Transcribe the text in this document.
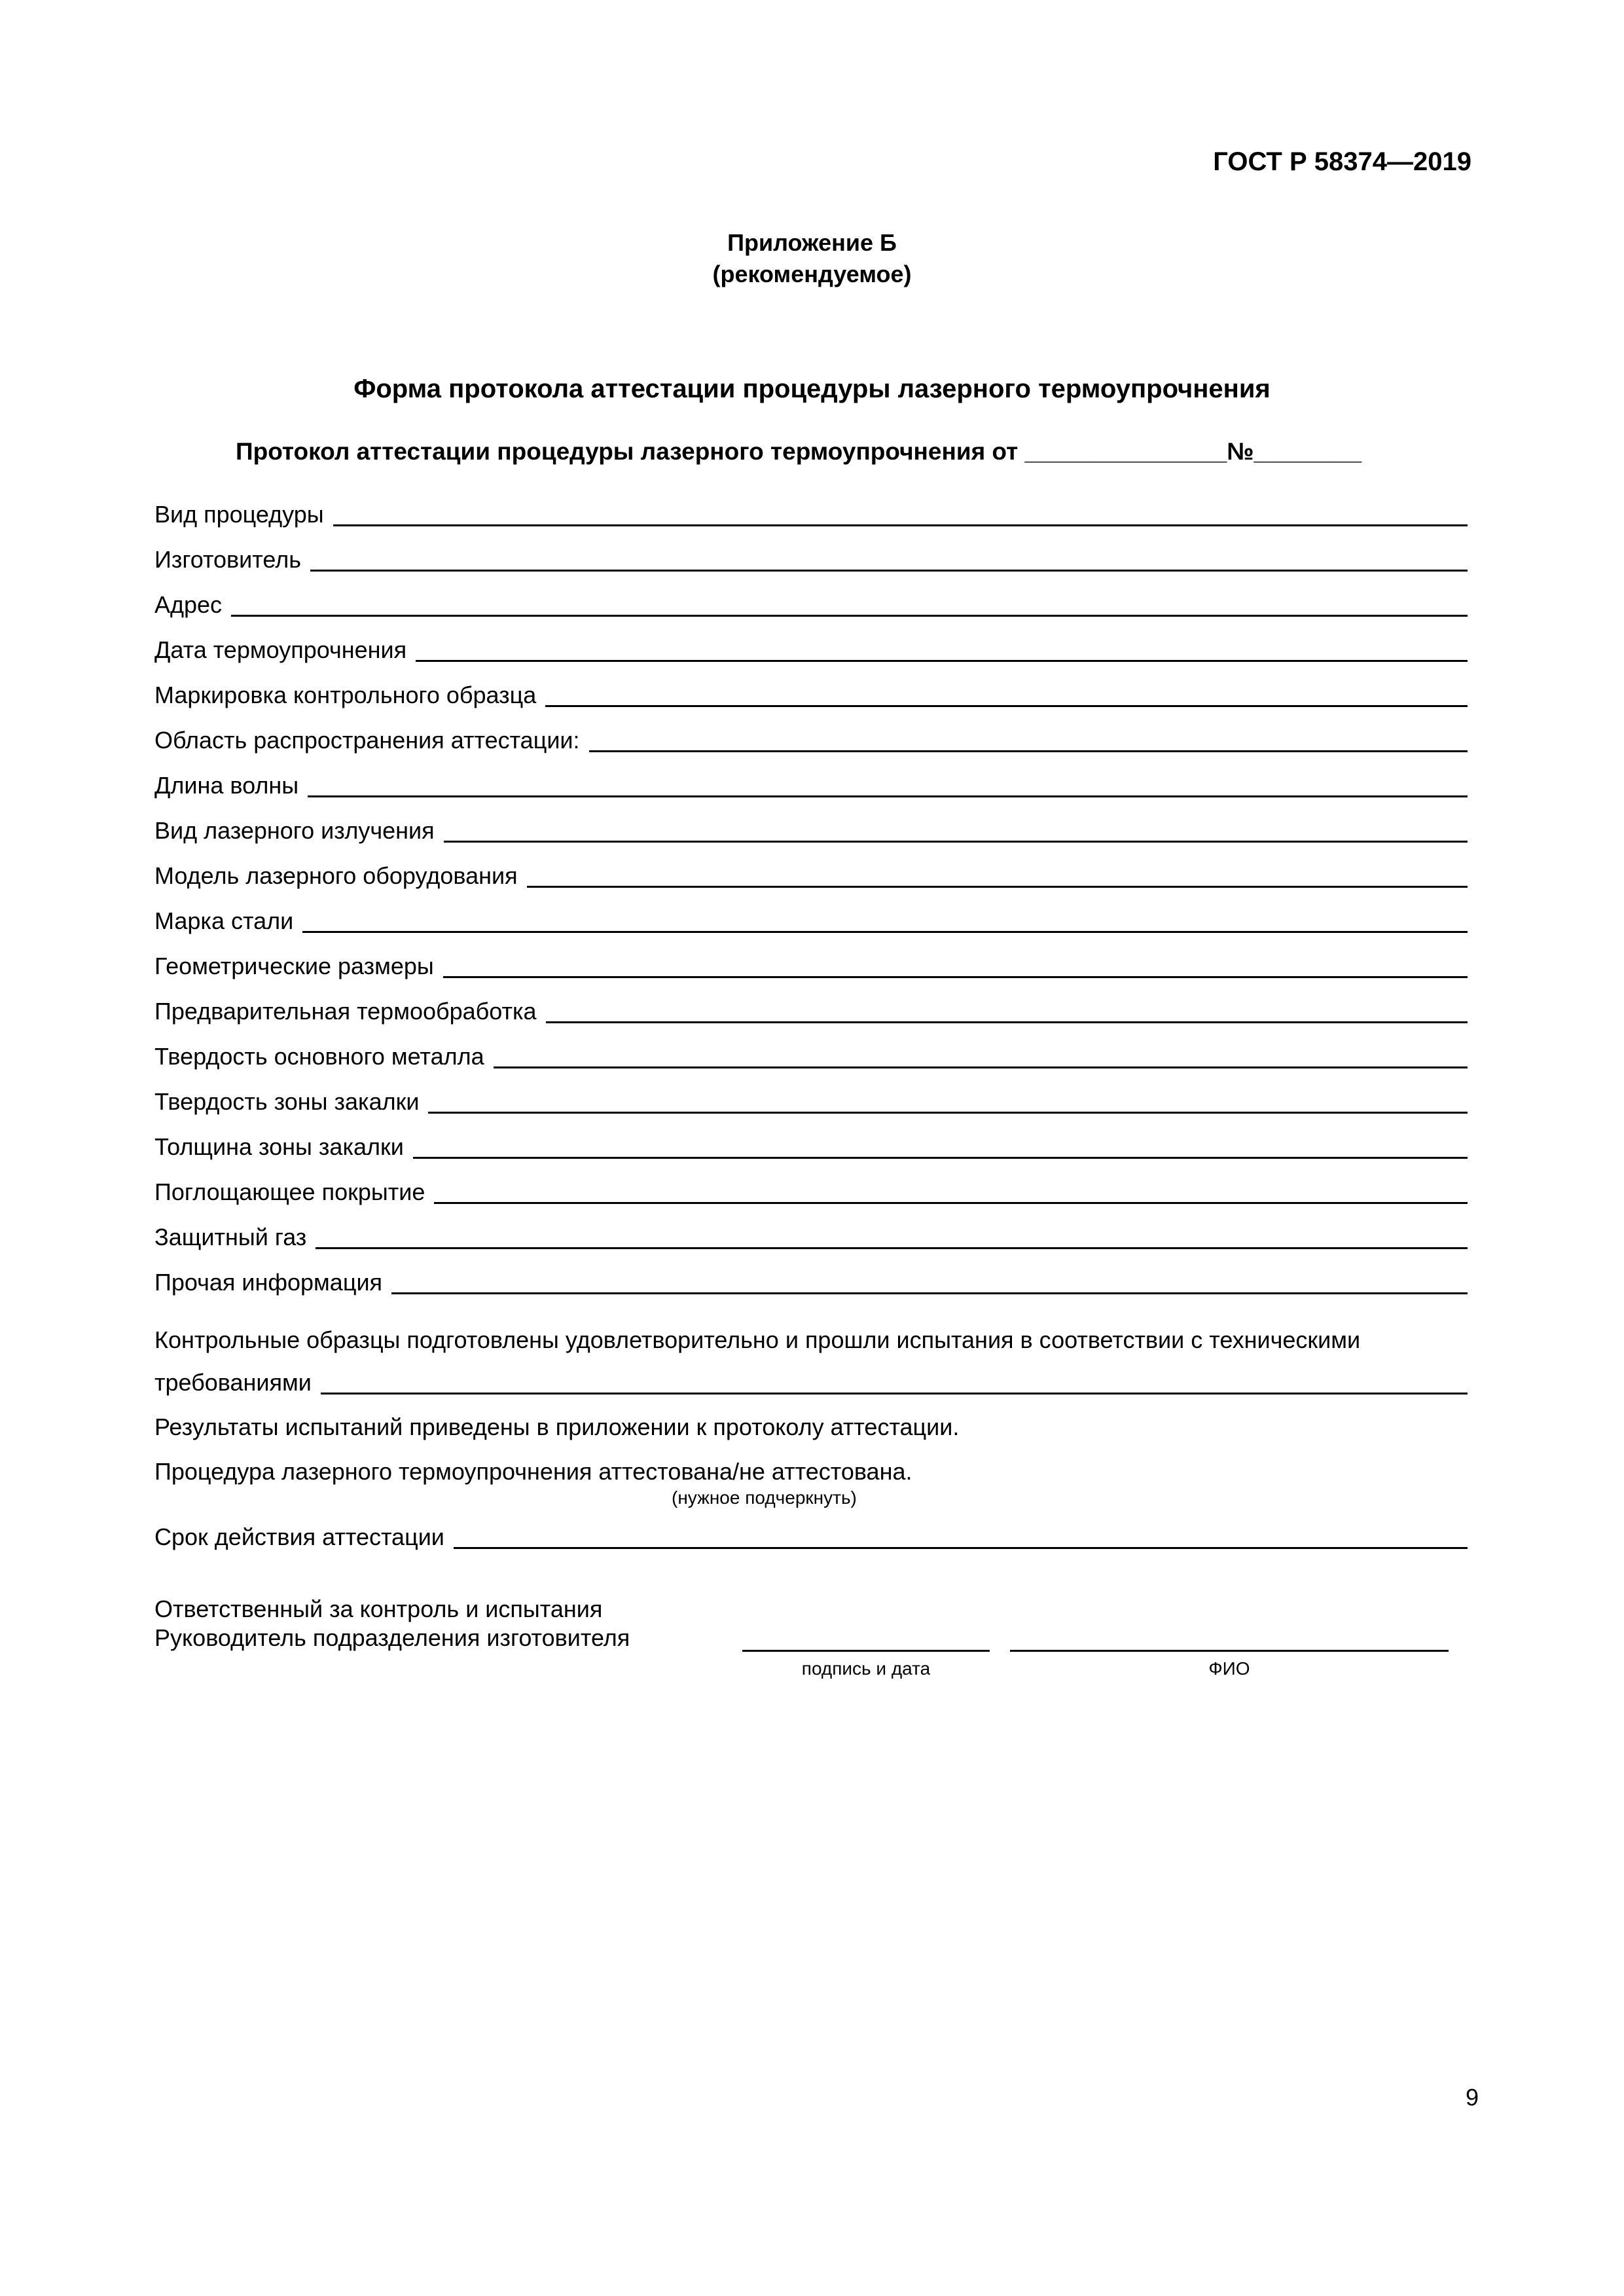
ГОСТ Р 58374—2019
Приложение Б
(рекомендуемое)
Форма протокола аттестации процедуры лазерного термоупрочнения
Протокол аттестации процедуры лазерного термоупрочнения от _______________№________
Вид процедуры
Изготовитель
Адрес
Дата термоупрочнения
Маркировка контрольного образца
Область распространения аттестации:
Длина волны
Вид лазерного излучения
Модель лазерного оборудования
Марка стали
Геометрические размеры
Предварительная термообработка
Твердость основного металла
Твердость зоны закалки
Толщина зоны закалки
Поглощающее покрытие
Защитный газ
Прочая информация
Контрольные образцы подготовлены удовлетворительно и прошли испытания в соответствии с техническими
требованиями
Результаты испытаний приведены в приложении к протоколу аттестации.
Процедура лазерного термоупрочнения аттестована/не аттестована.
(нужное подчеркнуть)
Срок действия аттестации
Ответственный за контроль и испытания
Руководитель подразделения изготовителя
подпись и дата	ФИО
9
